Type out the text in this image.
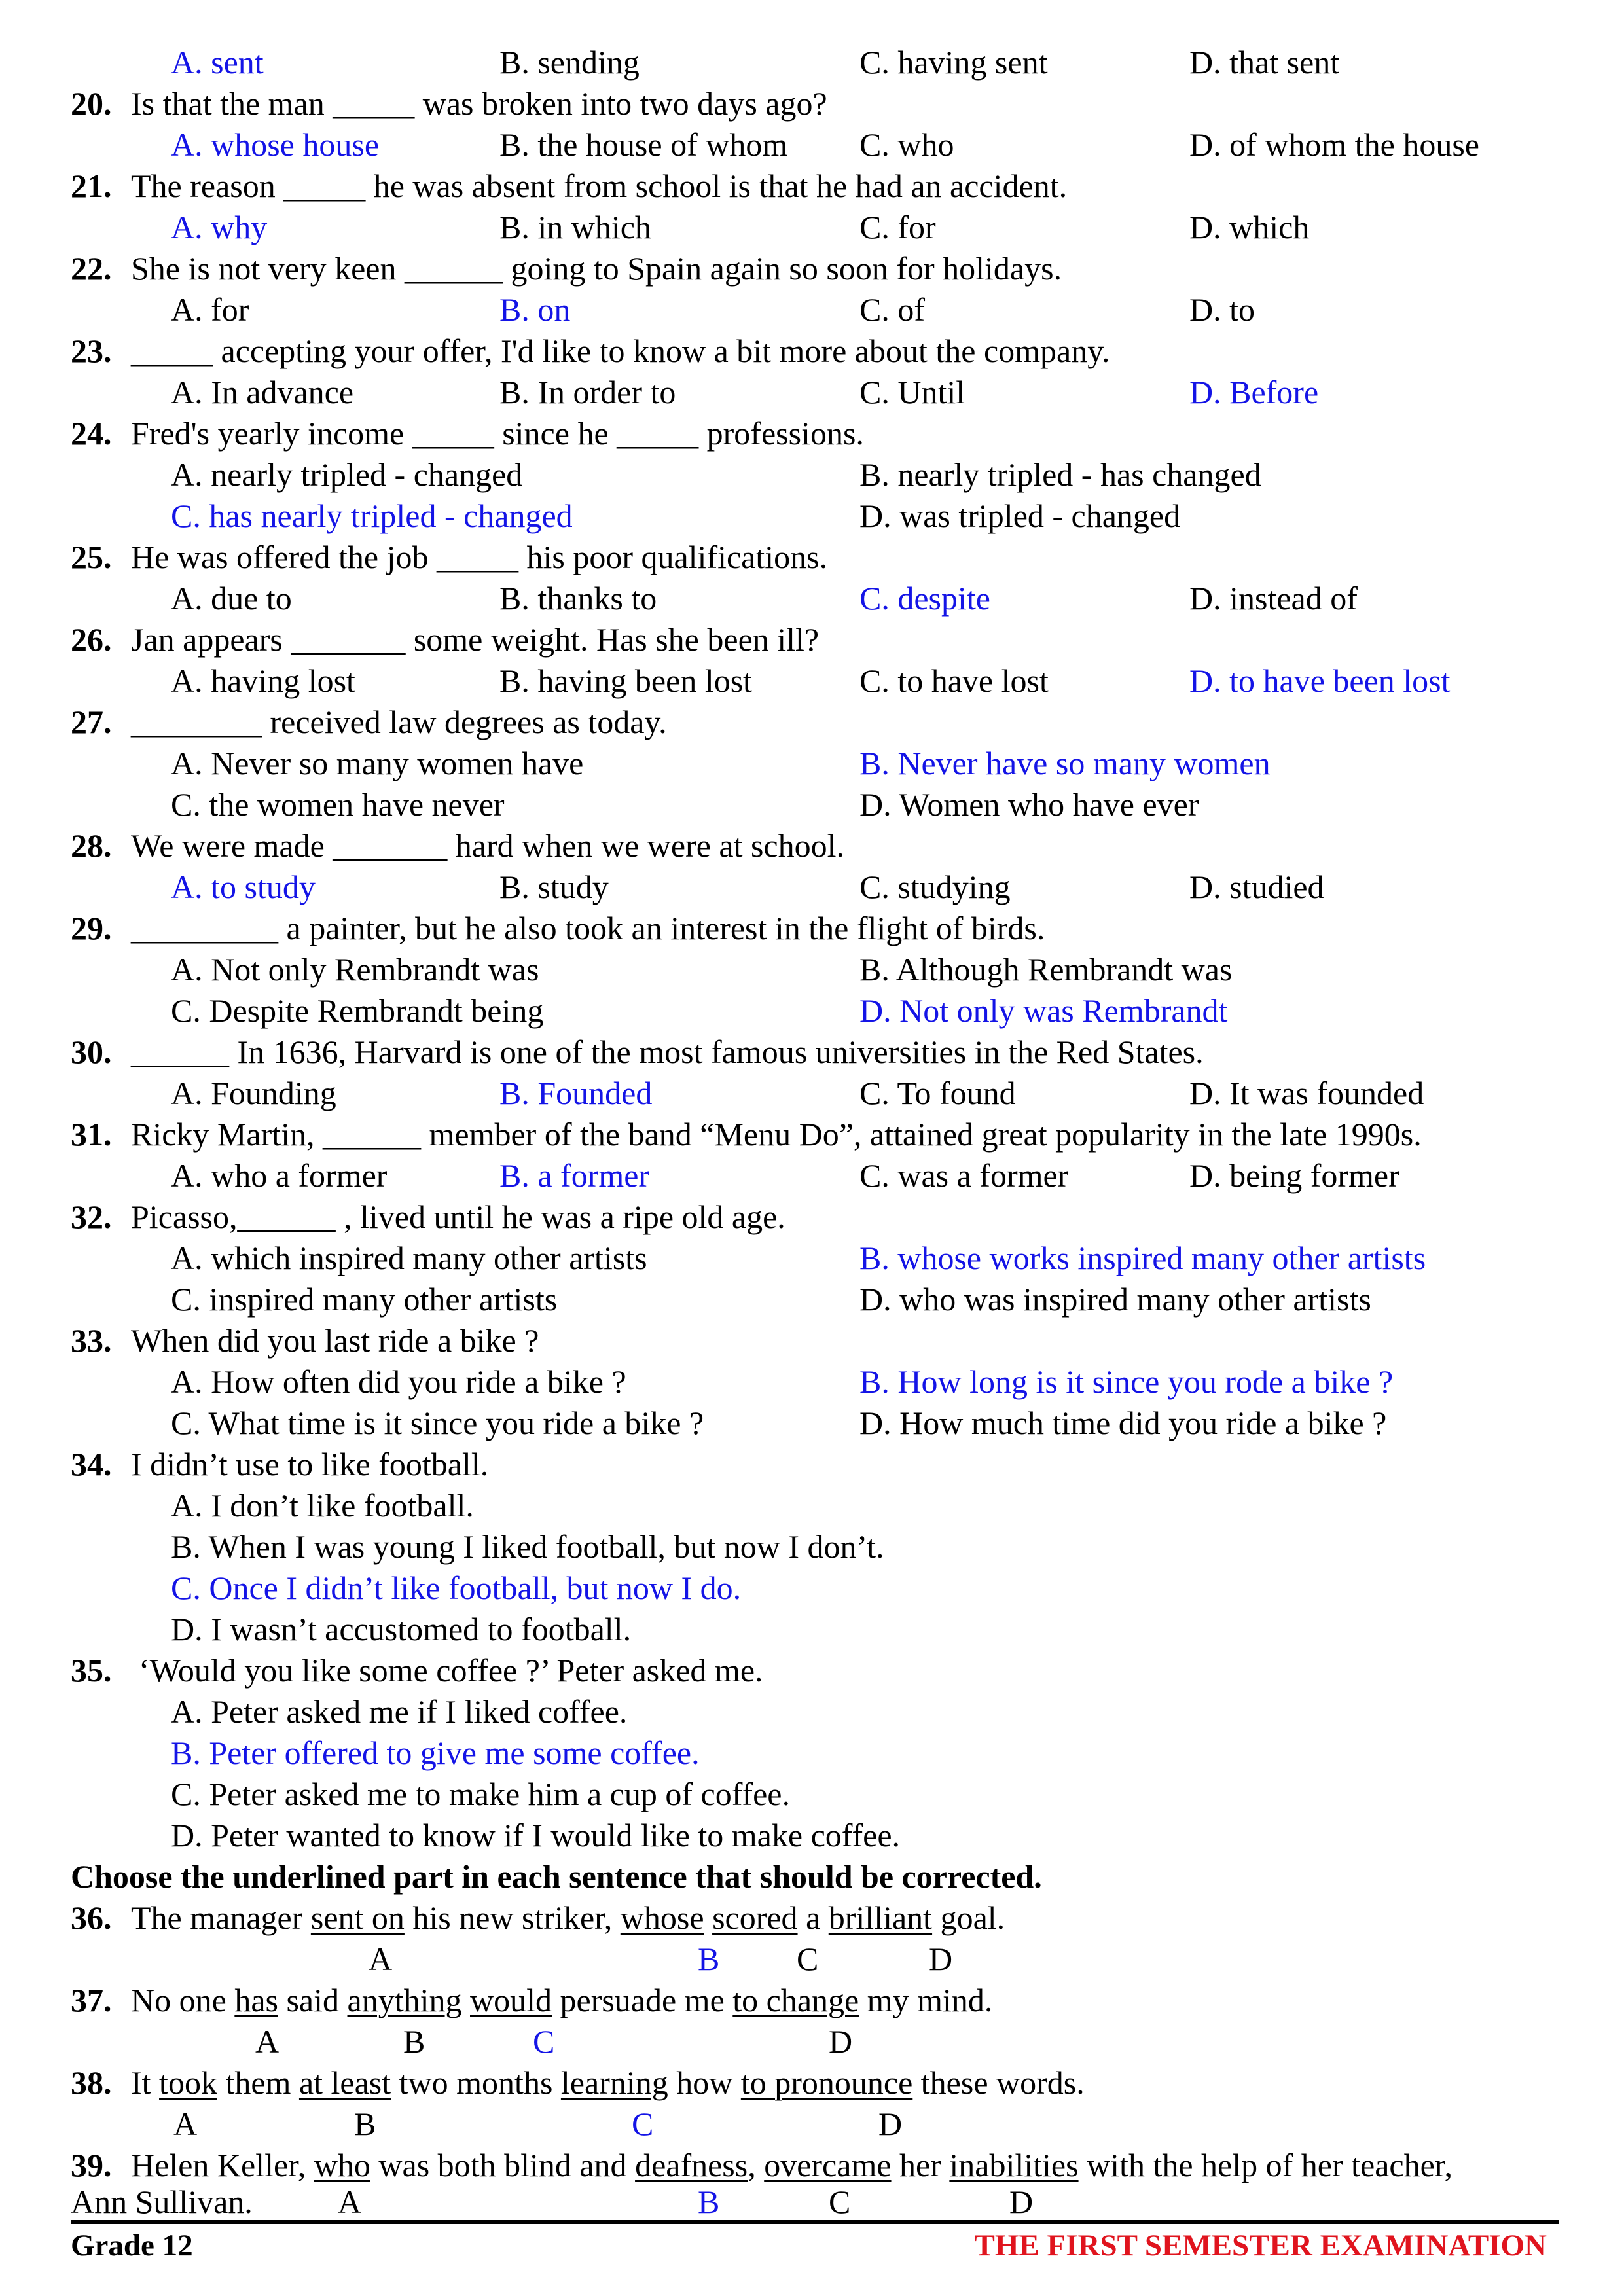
A. sent	B. sending	C. having sent	D. that sent
20. Is that the man _____ was broken into two days ago?
A. whose house	B. the house of whom C. who	D. of whom the house
21. The reason _____ he was absent from school is that he had an accident.
A. why	B. in which	C. for	D. which
22. She is not very keen ______ going to Spain again so soon for holidays.
A. for	B. on	C. of	D. to
23. _____ accepting your offer, I'd like to know a bit more about the company.
A. In advance	B. In order to	C. Until	D. Before
24. Fred's yearly income _____ since he _____ professions.
A. nearly tripled - changed	B. nearly tripled - has changed
C. has nearly tripled - changed	D. was tripled - changed
25. He was offered the job _____ his poor qualifications.
A. due to	B. thanks to	C. despite	D. instead of
26. Jan appears _______ some weight. Has she been ill?
A. having lost	B. having been lost	C. to have lost	D. to have been lost
27. ________ received law degrees as today.
A. Never so many women have	B. Never have so many women
C. the women have never	D. Women who have ever
28. We were made _______ hard when we were at school.
A. to study	B. study	C. studying	D. studied
29. _________ a painter, but he also took an interest in the flight of birds.
A. Not only Rembrandt was	B. Although Rembrandt was
C. Despite Rembrandt being	D. Not only was Rembrandt
30. ______ In 1636, Harvard is one of the most famous universities in the Red States.
A. Founding	B. Founded	C. To found	D. It was founded
31. Ricky Martin, ______ member of the band “Menu Do”, attained great popularity in the late 1990s.
A. who a former	B. a former	C. was a former	D. being former
32. Picasso,______ , lived until he was a ripe old age.
A. which inspired many other artists	B. whose works inspired many other artists
C. inspired many other artists	D. who was inspired many other artists
33. When did you last ride a bike ?
A. How often did you ride a bike ?	B. How long is it since you rode a bike ?
C. What time is it since you ride a bike ?	D. How much time did you ride a bike ?
34. I didn’t use to like football.
A. I don’t like football.
B. When I was young I liked football, but now I don’t.
C. Once I didn’t like football, but now I do.
D. I wasn’t accustomed to football.
35. ‘Would you like some coffee ?’ Peter asked me.
A. Peter asked me if I liked coffee.
B. Peter offered to give me some coffee.
C. Peter asked me to make him a cup of coffee.
D. Peter wanted to know if I would like to make coffee.
Choose the underlined part in each sentence that should be corrected.
36. The manager sent on his new striker, whose scored a brilliant goal.
A	B C	D
37. No one has said anything would persuade me to change my mind.
A	B	C	D
38. It took them at least two months learning how to pronounce these words.
A	B	C	D
39. Helen Keller, who was both blind and deafness, overcame her inabilities with the help of her teacher,
Ann Sullivan.	A	B	C	D
Grade 12	THE FIRST SEMESTER EXAMINATION
